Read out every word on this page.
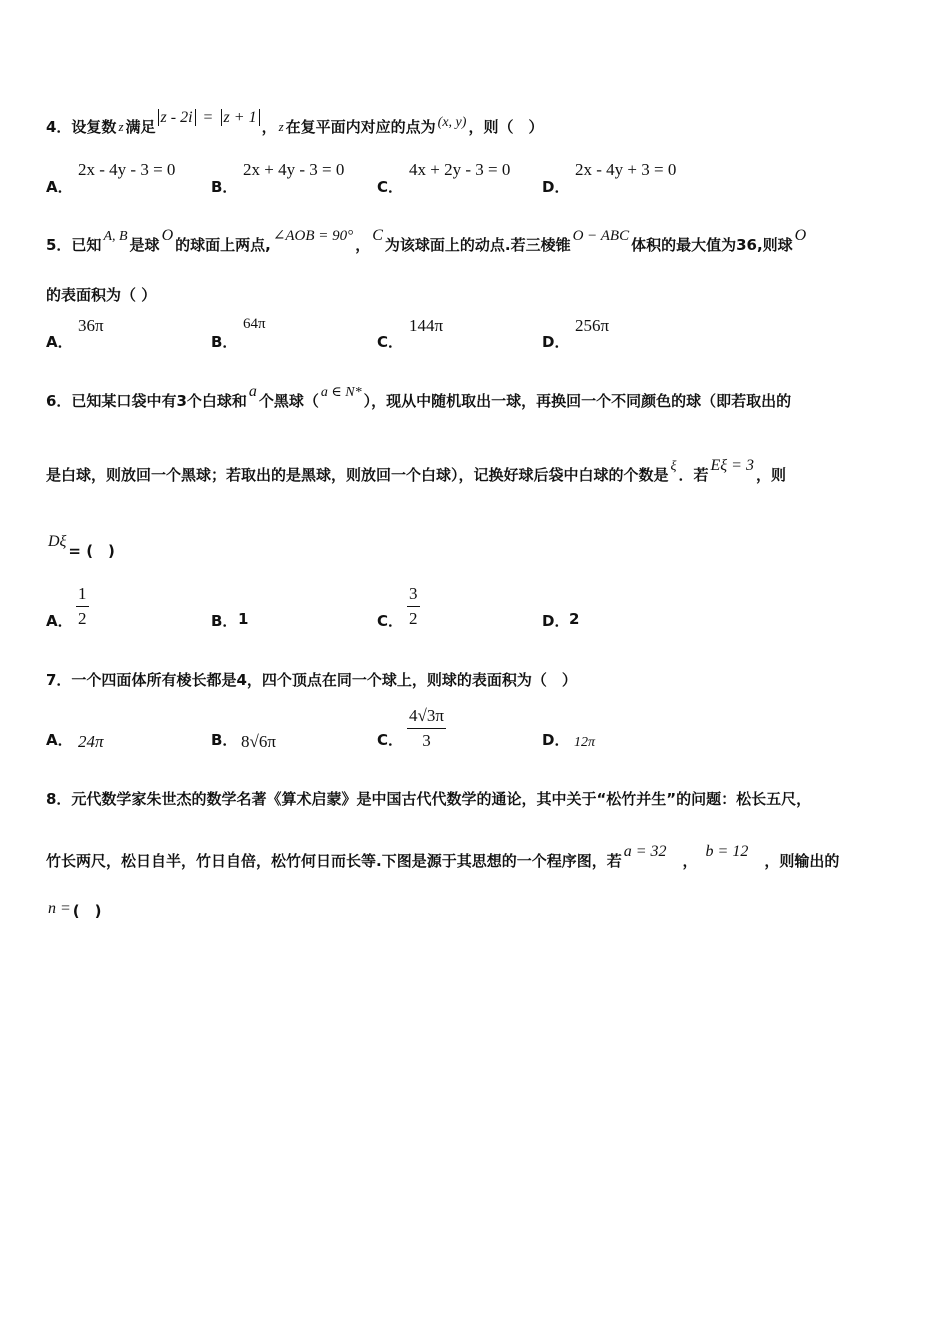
4．设复数 z 满足z - 2i = z + 1， z 在复平面内对应的点为 (x, y) ，则（　）
A．
2x - 4y - 3 = 0
B．
2x + 4y - 3 = 0
C．
4x + 2y - 3 = 0
D．
2x - 4y + 3 = 0
5．已知 A, B 是球O的球面上两点, ∠AOB = 90° ，C为该球面上的动点.若三棱锥 O − ABC 体积的最大值为36,则球O
的表面积为（ ）
A．
36π
B．
64π
C．
144π
D．
256π
6．已知某口袋中有3个白球和a个黑球（ a ∈ N* ），现从中随机取出一球，再换回一个不同颜色的球（即若取出的
是白球，则放回一个黑球；若取出的是黑球，则放回一个白球），记换好球后袋中白球的个数是 ξ ．若Eξ = 3，则
Dξ= (　)
A．
1
2	B． 1	C．
3
2	D． 2
7．一个四面体所有棱长都是4，四个顶点在同一个球上，则球的表面积为（　）
A． 24π	B． 8√6π	C．
4√3π
3	D． 12π
8．元代数学家朱世杰的数学名著《算术启蒙》是中国古代代数学的通论，其中关于“松竹并生”的问题：松长五尺，
竹长两尺，松日自半，竹日自倍，松竹何日而长等.下图是源于其思想的一个程序图，若a = 32，b = 12，则输出的
n = (　)
